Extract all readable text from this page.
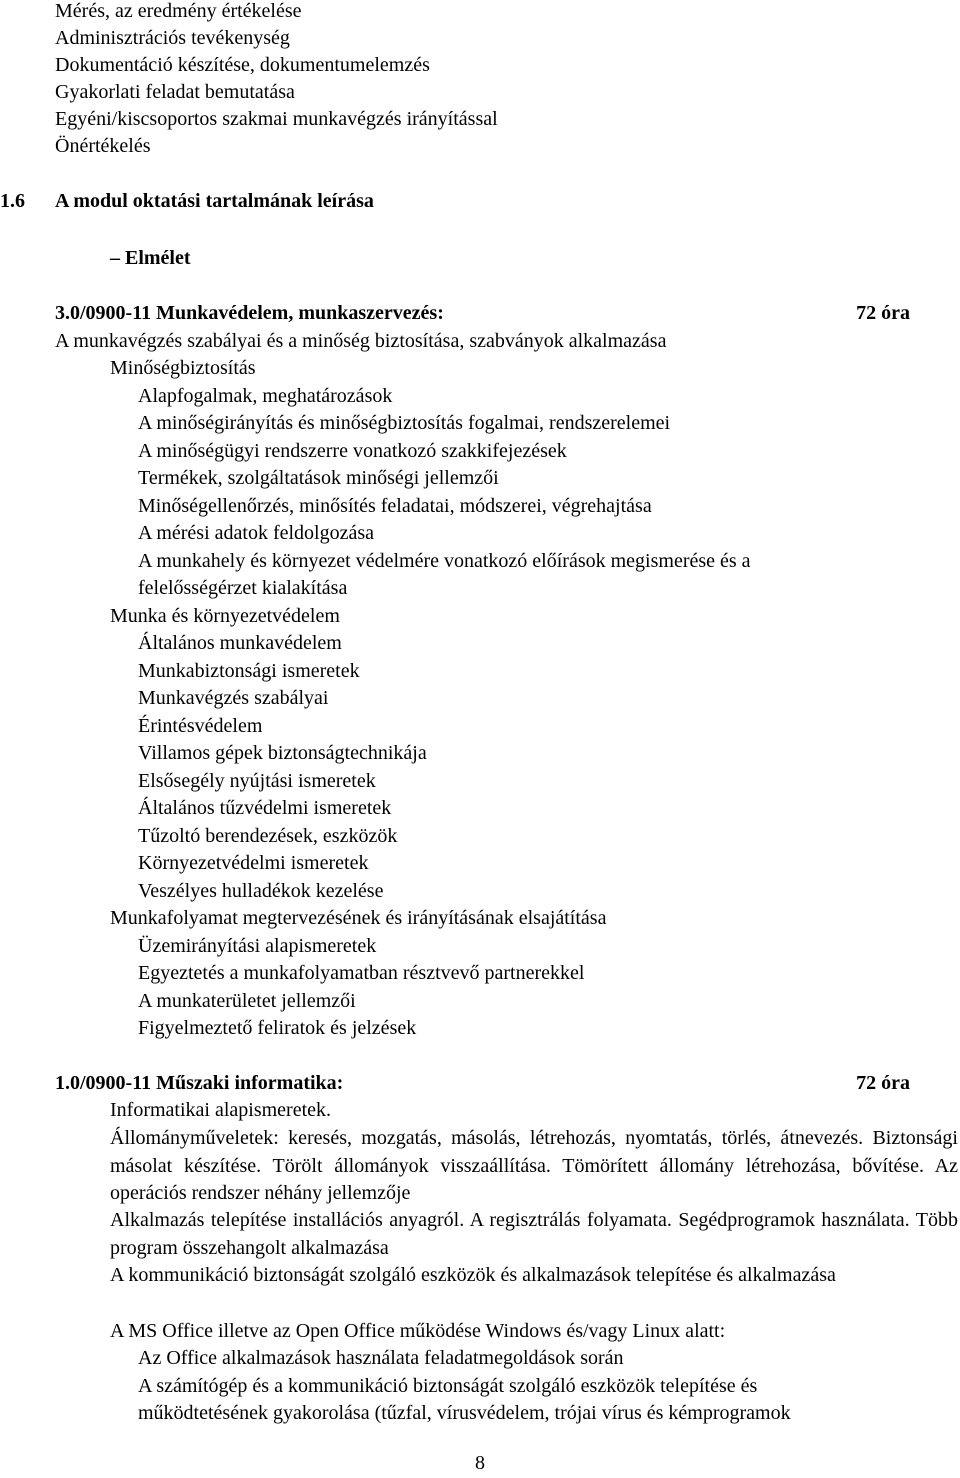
Mérés, az eredmény értékelése
Adminisztrációs tevékenység
Dokumentáció készítése, dokumentumelemzés
Gyakorlati feladat bemutatása
Egyéni/kiscsoportos szakmai munkavégzés irányítással
Önértékelés
1.6 A modul oktatási tartalmának leírása
– Elmélet
3.0/0900-11 Munkavédelem, munkaszervezés:	72 óra
A munkavégzés szabályai és a minőség biztosítása, szabványok alkalmazása
Minőségbiztosítás
Alapfogalmak, meghatározások
A minőségirányítás és minőségbiztosítás fogalmai, rendszerelemei
A minőségügyi rendszerre vonatkozó szakkifejezések
Termékek, szolgáltatások minőségi jellemzői
Minőségellenőrzés, minősítés feladatai, módszerei, végrehajtása
A mérési adatok feldolgozása
A munkahely és környezet védelmére vonatkozó előírások megismerése és a
felelősségérzet kialakítása
Munka és környezetvédelem
Általános munkavédelem
Munkabiztonsági ismeretek
Munkavégzés szabályai
Érintésvédelem
Villamos gépek biztonságtechnikája
Elsősegély nyújtási ismeretek
Általános tűzvédelmi ismeretek
Tűzoltó berendezések, eszközök
Környezetvédelmi ismeretek
Veszélyes hulladékok kezelése
Munkafolyamat megtervezésének és irányításának elsajátítása
Üzemirányítási alapismeretek
Egyeztetés a munkafolyamatban résztvevő partnerekkel
A munkaterületet jellemzői
Figyelmeztető feliratok és jelzések
1.0/0900-11 Műszaki informatika:	72 óra
Informatikai alapismeretek.
Állományműveletek: keresés, mozgatás, másolás, létrehozás, nyomtatás, törlés, átnevezés. Biztonsági másolat készítése. Törölt állományok visszaállítása. Tömörített állomány létrehozása, bővítése. Az operációs rendszer néhány jellemzője
Alkalmazás telepítése installációs anyagról. A regisztrálás folyamata. Segédprogramok használata. Több program összehangolt alkalmazása
A kommunikáció biztonságát szolgáló eszközök és alkalmazások telepítése és alkalmazása
A MS Office illetve az Open Office működése Windows és/vagy Linux alatt:
Az Office alkalmazások használata feladatmegoldások során
A számítógép és a kommunikáció biztonságát szolgáló eszközök telepítése és
működtetésének gyakorolása (tűzfal, vírusvédelem, trójai vírus és kémprogramok
8
